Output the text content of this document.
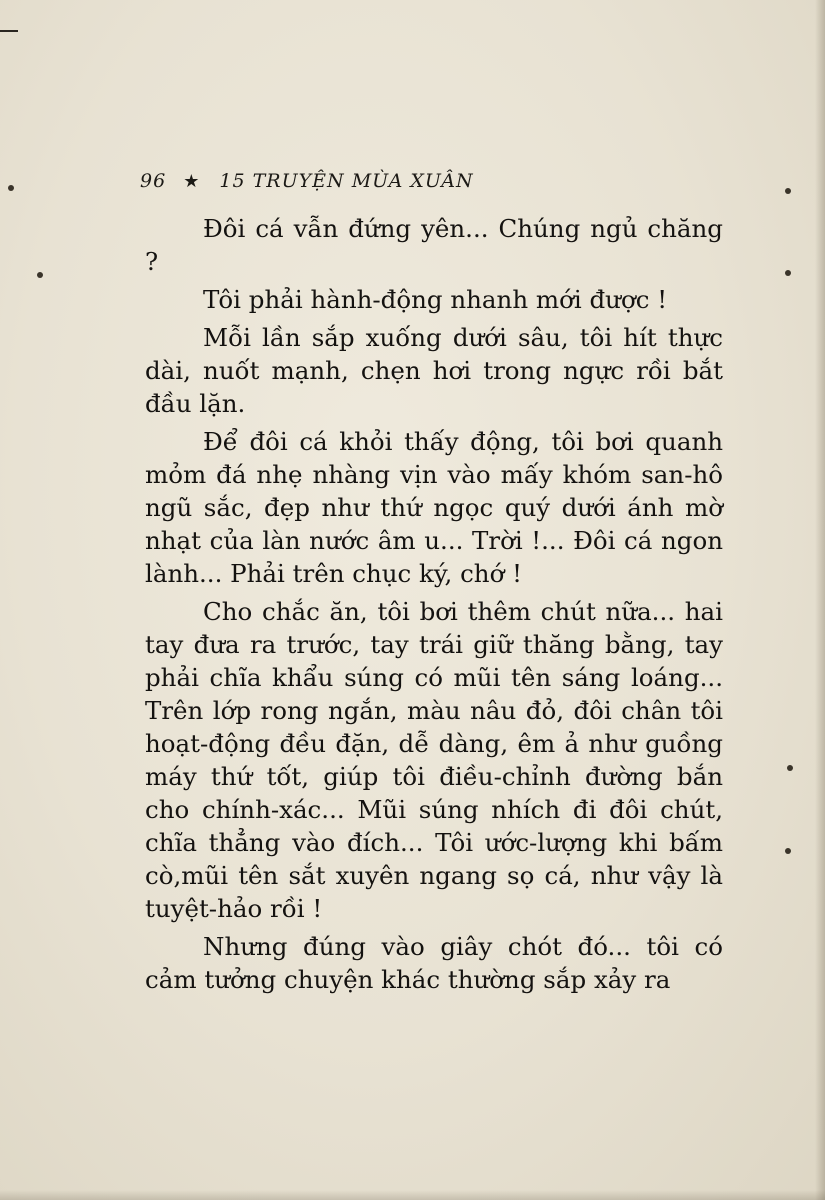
96 ★ 15 TRUYỆN MÙA XUÂN

Đôi cá vẫn đứng yên... Chúng ngủ chăng ?

Tôi phải hành-động nhanh mới được !

Mỗi lần sắp xuống dưới sâu, tôi hít thực dài, nuốt mạnh, chẹn hơi trong ngực rồi bắt đầu lặn.

Để đôi cá khỏi thấy động, tôi bơi quanh mỏm đá nhẹ nhàng vịn vào mấy khóm san-hô ngũ sắc, đẹp như thứ ngọc quý dưới ánh mờ nhạt của làn nước âm u... Trời !... Đôi cá ngon lành... Phải trên chục ký, chớ !

Cho chắc ăn, tôi bơi thêm chút nữa... hai tay đưa ra trước, tay trái giữ thăng bằng, tay phải chĩa khẩu súng có mũi tên sáng loáng... Trên lớp rong ngắn, màu nâu đỏ, đôi chân tôi hoạt-động đều đặn, dễ dàng, êm ả như guồng máy thứ tốt, giúp tôi điều-chỉnh đường bắn cho chính-xác... Mũi súng nhích đi đôi chút, chĩa thẳng vào đích... Tôi ước-lượng khi bấm cò,mũi tên sắt xuyên ngang sọ cá, như vậy là tuyệt-hảo rồi !

Nhưng đúng vào giây chót đó... tôi có cảm tưởng chuyện khác thường sắp xảy ra
